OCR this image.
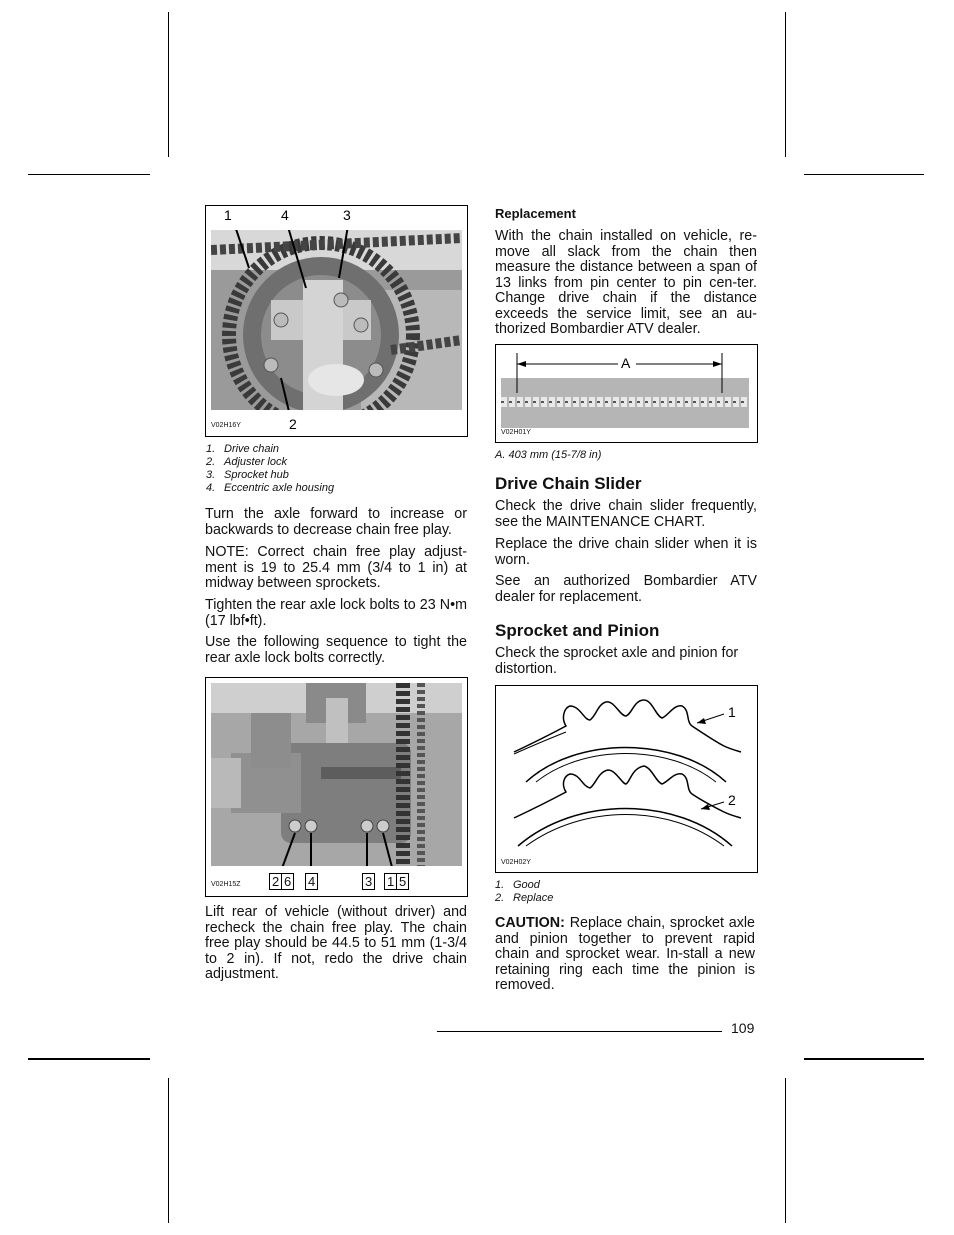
1	4	3
2
V02H16Y
1. Drive chain
2. Adjuster lock
3. Sprocket hub
4. Eccentric axle housing
Turn the axle forward to increase or backwards to decrease chain free play.
NOTE: Correct chain free play adjust-ment is 19 to 25.4 mm (3/4 to 1 in) at midway between sprockets.
Tighten the rear axle lock bolts to 23 N•m (17 lbf•ft).
Use the following sequence to tight the rear axle lock bolts correctly.
V02H15Z 2 6 4	3 1 5
Lift rear of vehicle (without driver) and recheck the chain free play. The chain free play should be 44.5 to 51 mm (1-3/4 to 2 in). If not, redo the drive chain adjustment.
Replacement
With the chain installed on vehicle, re-move all slack from the chain then measure the distance between a span of 13 links from pin center to pin cen-ter. Change drive chain if the distance exceeds the service limit, see an au-thorized Bombardier ATV dealer.
A
V02H01Y
A. 403 mm (15-7/8 in)
Drive Chain Slider
Check the drive chain slider frequently, see the MAINTENANCE CHART.
Replace the drive chain slider when it is worn.
See an authorized Bombardier ATV dealer for replacement.
Sprocket and Pinion
Check the sprocket axle and pinion for distortion.
1
2
V02H02Y
1. Good
2. Replace
CAUTION: Replace chain, sprocket axle and pinion together to prevent rapid chain and sprocket wear. In-stall a new retaining ring each time the pinion is removed.
109
